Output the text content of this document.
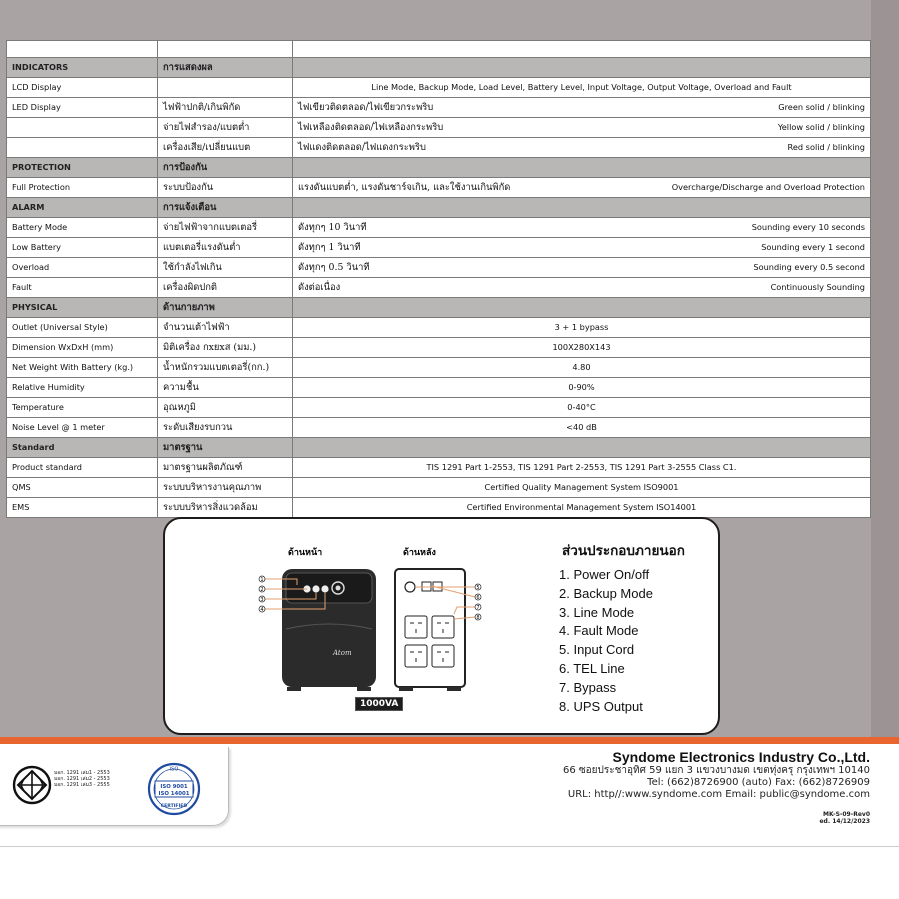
INDICATORS	การแสดงผล	
LCD Display		Line Mode, Backup Mode, Load Level, Battery Level, Input Voltage, Output Voltage, Overload and Fault
LED Display	ไฟฟ้าปกติ/เกินพิกัด	ไฟเขียวติดตลอด/ไฟเขียวกระพริบ Green solid / blinking

	จ่ายไฟสำรอง/แบตต่ำ	ไฟเหลืองติดตลอด/ไฟเหลืองกระพริบ Yellow solid / blinking

	เครื่องเสีย/เปลี่ยนแบต	ไฟแดงติดตลอด/ไฟแดงกระพริบ Red solid / blinking

PROTECTION	การป้องกัน	
Full Protection	ระบบป้องกัน	แรงดันแบตต่ำ, แรงดันชาร์จเกิน, และใช้งานเกินพิกัด Overcharge/Discharge and Overload Protection

ALARM	การแจ้งเตือน	
Battery Mode	จ่ายไฟฟ้าจากแบตเตอรี่	ดังทุกๆ 10 วินาที Sounding every 10 seconds

Low Battery	แบตเตอรี่แรงดันต่ำ	ดังทุกๆ 1 วินาที Sounding every 1 second

Overload	ใช้กำลังไฟเกิน	ดังทุกๆ 0.5 วินาที Sounding every 0.5 second

Fault	เครื่องผิดปกติ	ดังต่อเนื่อง Continuously Sounding

PHYSICAL	ด้านกายภาพ	
Outlet (Universal Style)	จำนวนเต้าไฟฟ้า	3 + 1 bypass
Dimension WxDxH (mm)	มิติเครื่อง กxยxส (มม.)	100X280X143
Net Weight With Battery (kg.)	น้ำหนักรวมแบตเตอรี่(กก.)	4.80
Relative Humidity	ความชื้น	0-90%
Temperature	อุณหภูมิ	0-40°C
Noise Level @ 1 meter	ระดับเสียงรบกวน	<40 dB
Standard	มาตรฐาน	
Product standard	มาตรฐานผลิตภัณฑ์	TIS 1291 Part 1-2553, TIS 1291 Part 2-2553, TIS 1291 Part 3-2555 Class C1.
QMS	ระบบบริหารงานคุณภาพ	Certified Quality Management System ISO9001
EMS	ระบบบริหารสิ่งแวดล้อม	Certified Environmental Management System ISO14001
ด้านหน้า	ด้านหลัง
1
2
3
4
Atom
5
6
7
8
1000VA
ส่วนประกอบภายนอก
1. Power On/off
2. Backup Mode
3. Line Mode
4. Fault Mode
5. Input Cord
6. TEL Line
7. Bypass
8. UPS Output
มอก. 1291 เล่ม1 - 2553
มอก. 1291 เล่ม2 - 2553
มอก. 1291 เล่ม3 - 2555
ISO
ISO 9001
ISO 14001
CERTIFIED
Syndome Electronics Industry Co.,Ltd.
66 ซอยประชาอุทิศ 59 แยก 3 แขวงบางมด เขตทุ่งครุ กรุงเทพฯ 10140
Tel: (662)8726900 (auto) Fax: (662)8726909
URL: http//:www.syndome.com Email: public@syndome.com
MK-S-09-Rev0
ed. 14/12/2023
